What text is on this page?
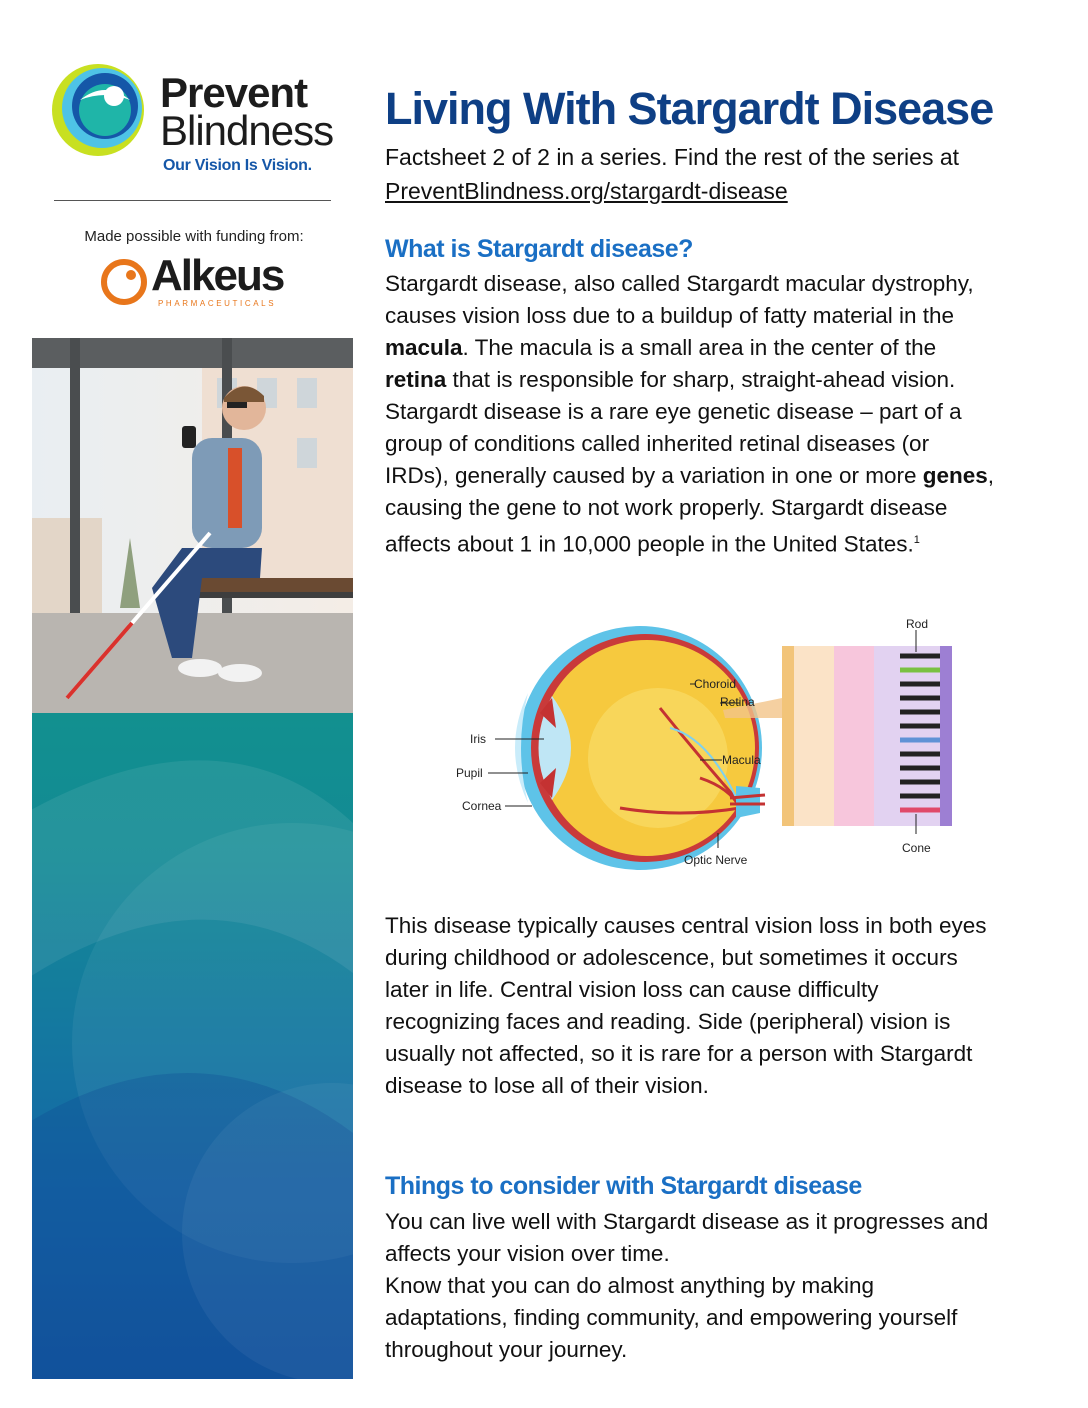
Prevent
Blindness
Our Vision Is Vision.
Made possible with funding from:
Alkeus
PHARMACEUTICALS
Living With Stargardt Disease
Factsheet 2 of 2 in a series. Find the rest of the series at PreventBlindness.org/stargardt-disease
What is Stargardt disease?
Stargardt disease, also called Stargardt macular dystrophy, causes vision loss due to a buildup of fatty material in the macula. The macula is a small area in the center of the retina that is responsible for sharp, straight-ahead vision. Stargardt disease is a rare eye genetic disease – part of a group of conditions called inherited retinal diseases (or IRDs), generally caused by a variation in one or more genes, causing the gene to not work properly. Stargardt disease affects about 1 in 10,000 people in the United States.$^1$
Rod
Choroid
Retina
Iris
Pupil
Cornea
Macula
Optic Nerve
Cone
This disease typically causes central vision loss in both eyes during childhood or adolescence, but sometimes it occurs later in life. Central vision loss can cause difficulty recognizing faces and reading. Side (peripheral) vision is usually not affected, so it is rare for a person with Stargardt disease to lose all of their vision.
Things to consider with Stargardt disease
You can live well with Stargardt disease as it progresses and affects your vision over time.
Know that you can do almost anything by making adaptations, finding community, and empowering yourself throughout your journey.
